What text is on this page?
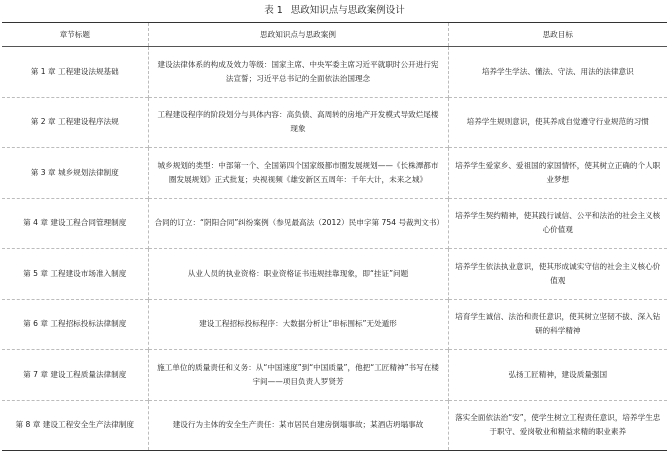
表 1 思政知识点与思政案例设计
章节标题	思政知识点与思政案例	思政目标
第 1 章 工程建设法规基础	建设法律体系的构成及效力等级：国家主席、中央军委主席习近平就职时公开进行宪法宣誓；习近平总书记的全面依法治国理念	培养学生学法、懂法、守法、用法的法律意识
第 2 章 工程建设程序法规	工程建设程序的阶段划分与具体内容：高负债、高周转的房地产开发模式导致烂尾楼现象	培养学生规则意识，使其养成自觉遵守行业规范的习惯
第 3 章 城乡规划法律制度	城乡规划的类型：中部第一个、全国第四个国家级都市圈发展规划——《长株潭都市圈发展规划》正式批复；央视视频《雄安新区五周年：千年大计，未来之城》	培养学生爱家乡、爱祖国的家国情怀，使其树立正确的个人职业梦想
第 4 章 建设工程合同管理制度	合同的订立：“阴阳合同”纠纷案例（参见最高法（2012）民申字第 754 号裁判文书）	培养学生契约精神，使其践行诚信、公平和法治的社会主义核心价值观
第 5 章 工程建设市场准入制度	从业人员的执业资格：职业资格证书违规挂靠现象，即“挂证”问题	培养学生依法执业意识，使其形成诚实守信的社会主义核心价值观
第 6 章 工程招标投标法律制度	建设工程招标投标程序：大数据分析让“串标围标”无处遁形	培育学生诚信、法治和责任意识，使其树立坚韧不拔、深入钻研的科学精神
第 7 章 建设工程质量法律制度	施工单位的质量责任和义务：从“中国速度”到“中国质量”，他把“工匠精神”书写在楼宇间——项目负责人罗贤芳	弘扬工匠精神，建设质量强国
第 8 章 建设工程安全生产法律制度	建设行为主体的安全生产责任：某市居民自建房倒塌事故；某酒店坍塌事故	落实全面依法治“安”，使学生树立工程责任意识，培养学生忠于职守、爱岗敬业和精益求精的职业素养
